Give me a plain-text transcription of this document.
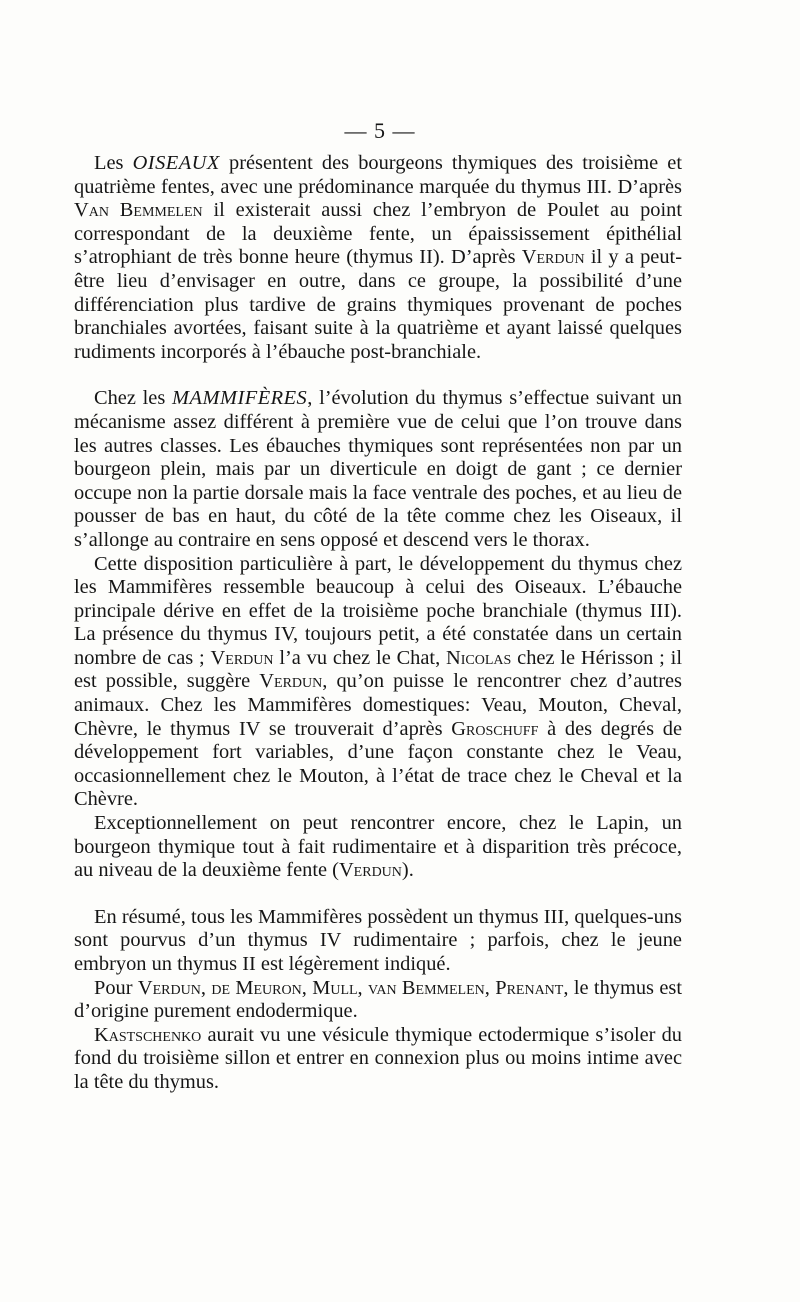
— 5 —

Les OISEAUX présentent des bourgeons thymiques des troisième et quatrième fentes, avec une prédominance marquée du thymus III. D’après Van Bemmelen il existerait aussi chez l’embryon de Poulet au point correspondant de la deuxième fente, un épaississement épithélial s’atrophiant de très bonne heure (thymus II). D’après Verdun il y a peut-être lieu d’envisager en outre, dans ce groupe, la possibilité d’une différenciation plus tardive de grains thymiques provenant de poches branchiales avortées, faisant suite à la quatrième et ayant laissé quelques rudiments incorporés à l’ébauche post-branchiale.

Chez les MAMMIFÈRES, l’évolution du thymus s’effectue suivant un mécanisme assez différent à première vue de celui que l’on trouve dans les autres classes. Les ébauches thymiques sont représentées non par un bourgeon plein, mais par un diverticule en doigt de gant ; ce dernier occupe non la partie dorsale mais la face ventrale des poches, et au lieu de pousser de bas en haut, du côté de la tête comme chez les Oiseaux, il s’allonge au contraire en sens opposé et descend vers le thorax.

Cette disposition particulière à part, le développement du thymus chez les Mammifères ressemble beaucoup à celui des Oiseaux. L’ébauche principale dérive en effet de la troisième poche branchiale (thymus III). La présence du thymus IV, toujours petit, a été constatée dans un certain nombre de cas ; Verdun l’a vu chez le Chat, Nicolas chez le Hérisson ; il est possible, suggère Verdun, qu’on puisse le rencontrer chez d’autres animaux. Chez les Mammifères domestiques: Veau, Mouton, Cheval, Chèvre, le thymus IV se trouverait d’après Groschuff à des degrés de développement fort variables, d’une façon constante chez le Veau, occasionnellement chez le Mouton, à l’état de trace chez le Cheval et la Chèvre.

Exceptionnellement on peut rencontrer encore, chez le Lapin, un bourgeon thymique tout à fait rudimentaire et à disparition très précoce, au niveau de la deuxième fente (Verdun).

En résumé, tous les Mammifères possèdent un thymus III, quelques-uns sont pourvus d’un thymus IV rudimentaire ; parfois, chez le jeune embryon un thymus II est légèrement indiqué.

Pour Verdun, de Meuron, Mull, van Bemmelen, Prenant, le thymus est d’origine purement endodermique.

Kastschenko aurait vu une vésicule thymique ectodermique s’isoler du fond du troisième sillon et entrer en connexion plus ou moins intime avec la tête du thymus.
